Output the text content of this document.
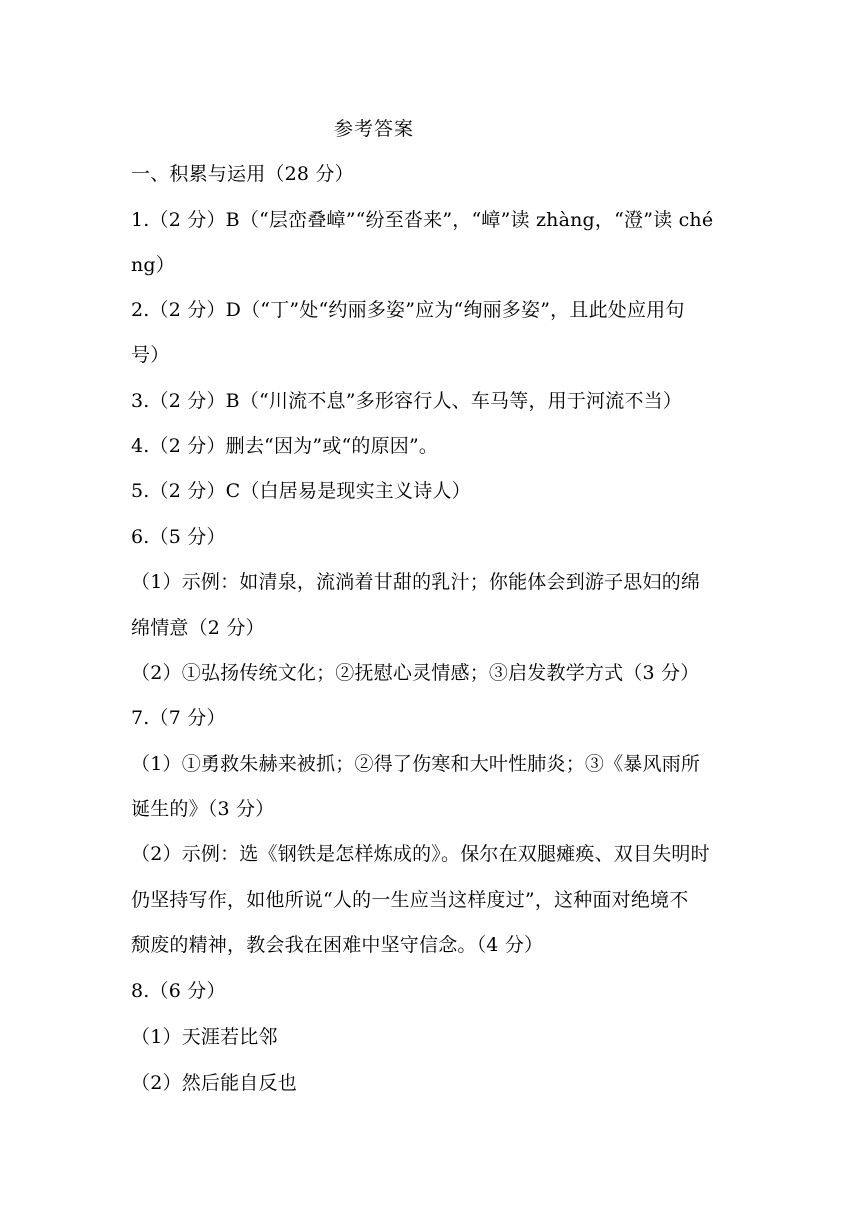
参考答案
一、积累与运用（28 分）
1.（2 分）B（“层峦叠嶂”“纷至沓来”，“嶂”读 zhàng，“澄”读 ché
ng）
2.（2 分）D（“丁”处“约丽多姿”应为“绚丽多姿”，且此处应用句
号）
3.（2 分）B（“川流不息”多形容行人、车马等，用于河流不当）
4.（2 分）删去“因为”或“的原因”。
5.（2 分）C（白居易是现实主义诗人）
6.（5 分）
（1）示例：如清泉，流淌着甘甜的乳汁；你能体会到游子思妇的绵
绵情意（2 分）
（2）①弘扬传统文化；②抚慰心灵情感；③启发教学方式（3 分）
7.（7 分）
（1）①勇救朱赫来被抓；②得了伤寒和大叶性肺炎；③《暴风雨所
诞生的》（3 分）
（2）示例：选《钢铁是怎样炼成的》。保尔在双腿瘫痪、双目失明时
仍坚持写作，如他所说“人的一生应当这样度过”，这种面对绝境不
颓废的精神，教会我在困难中坚守信念。（4 分）
8.（6 分）
（1）天涯若比邻
（2）然后能自反也
